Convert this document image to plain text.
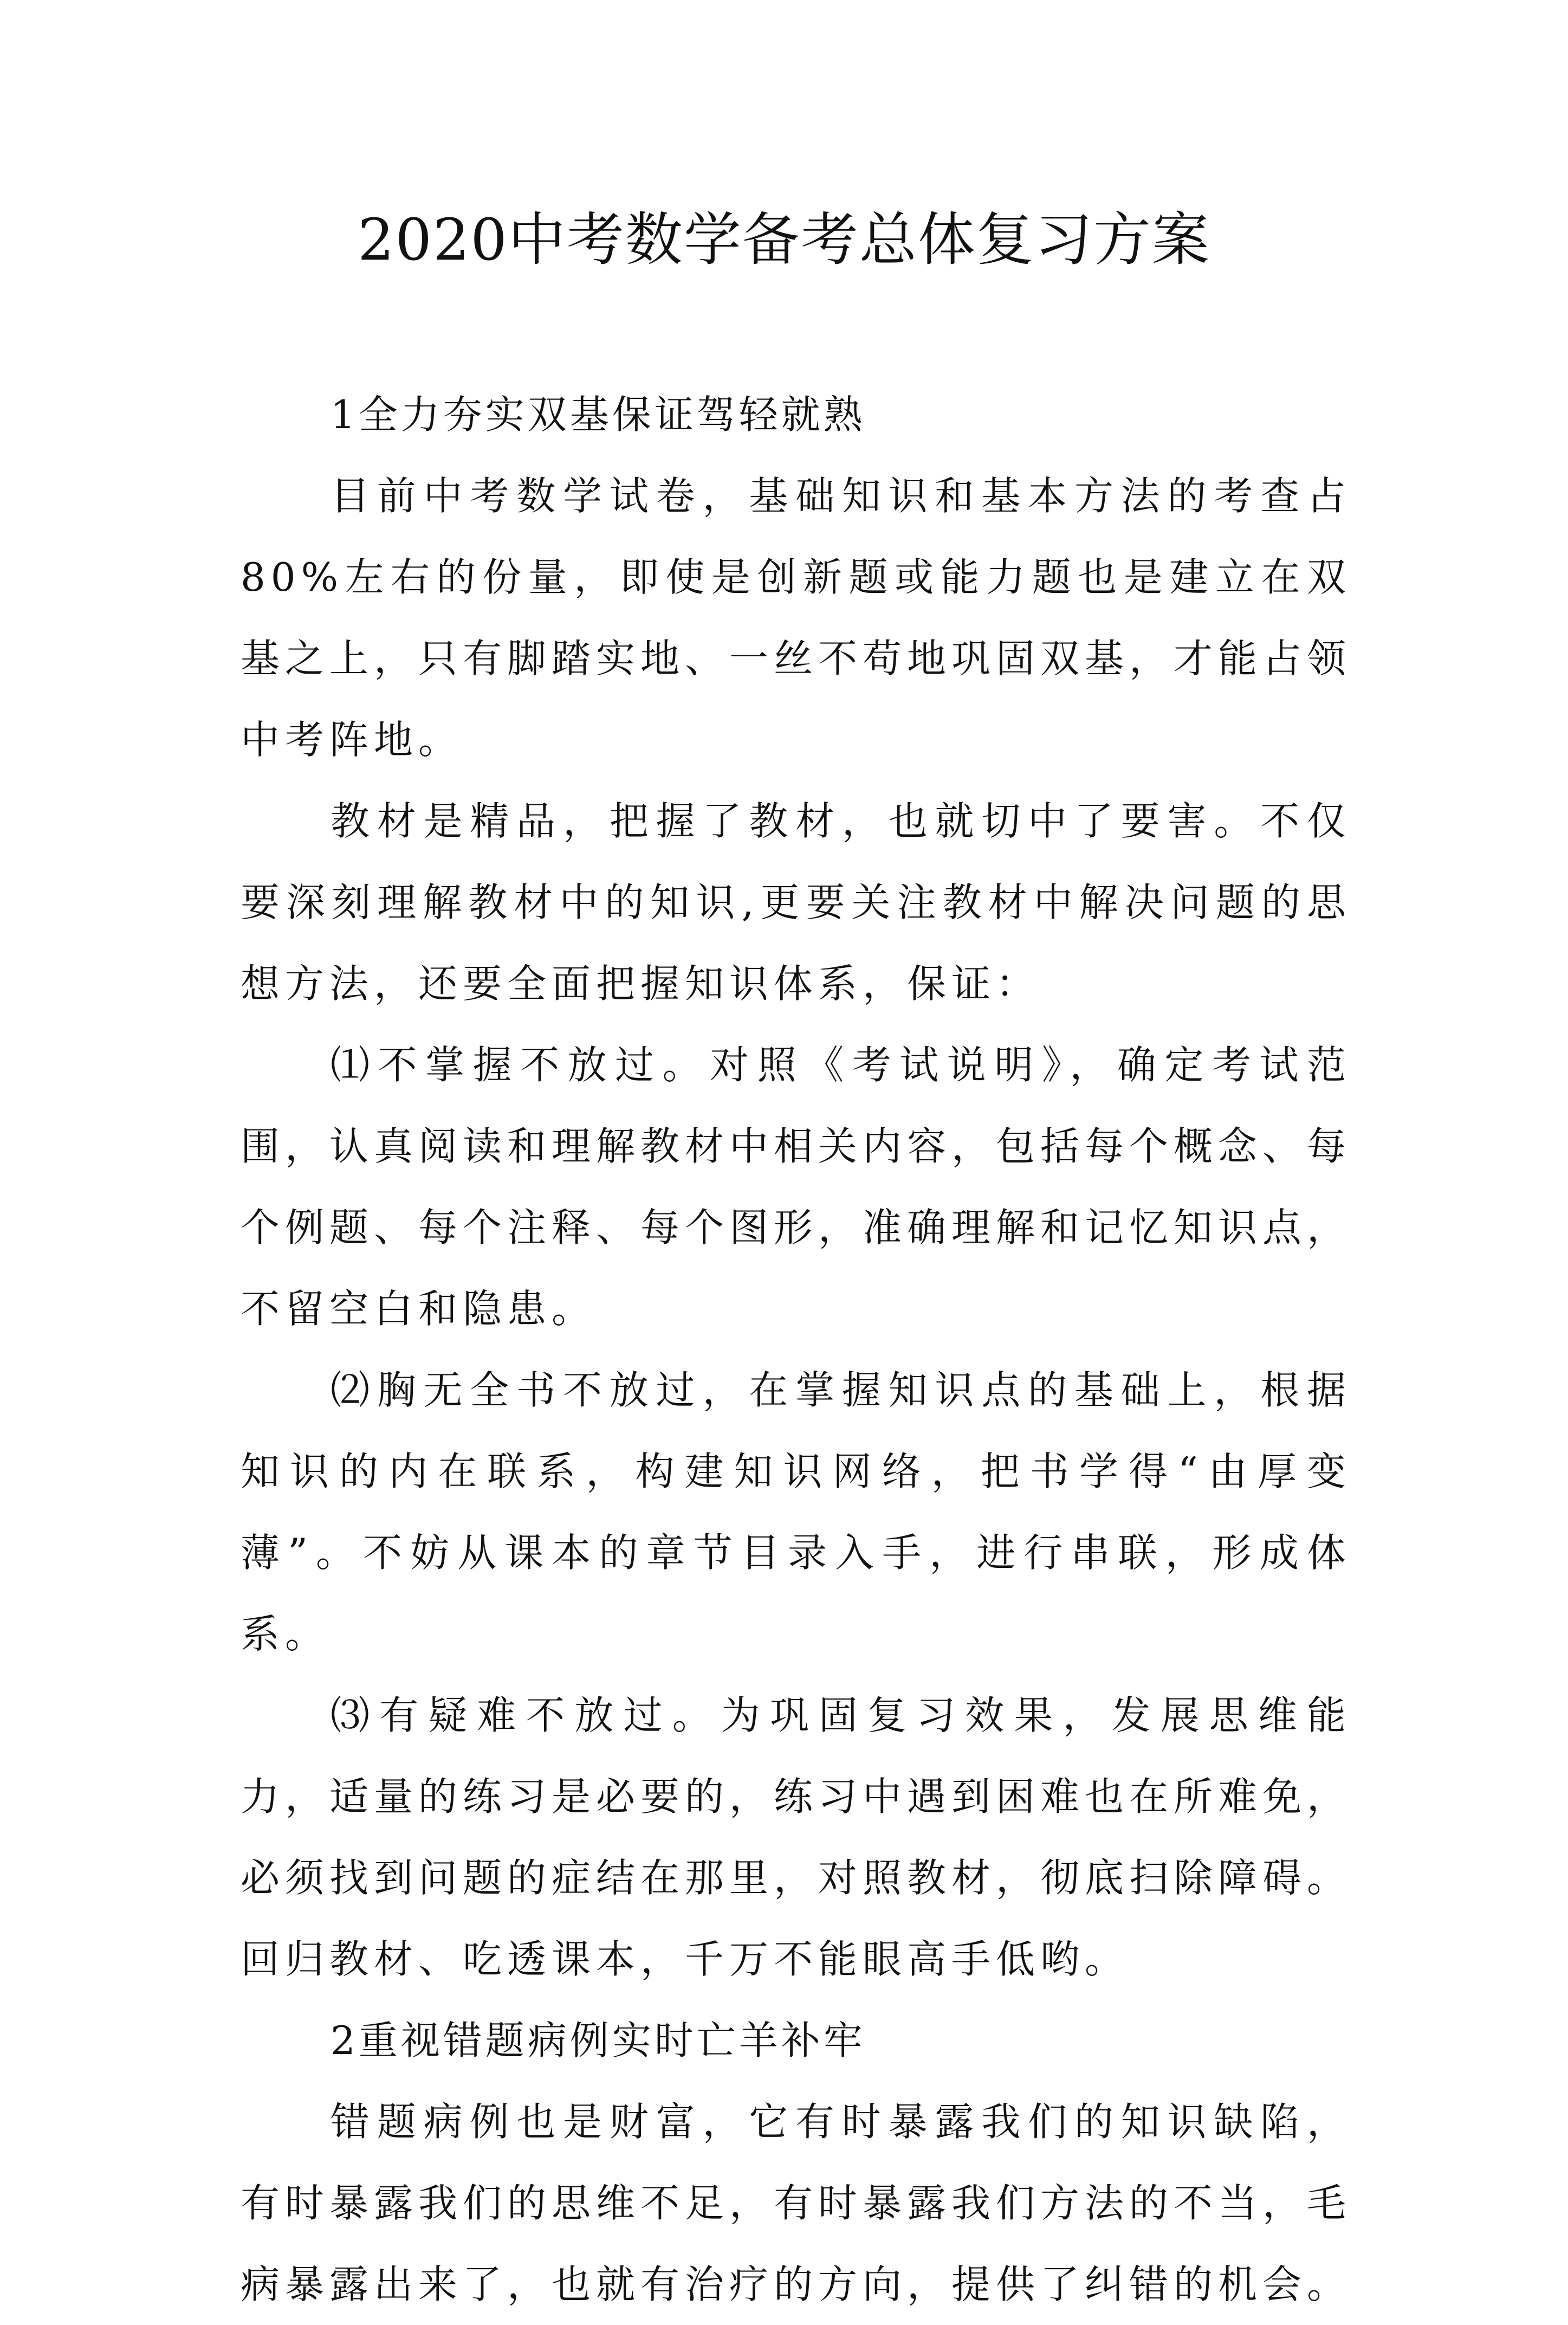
2020中考数学备考总体复习方案

1全力夯实双基保证驾轻就熟

目前中考数学试卷，基础知识和基本方法的考查占80%左右的份量，即使是创新题或能力题也是建立在双基之上，只有脚踏实地、一丝不苟地巩固双基，才能占领中考阵地。

教材是精品，把握了教材，也就切中了要害。不仅要深刻理解教材中的知识,更要关注教材中解决问题的思想方法，还要全面把握知识体系，保证：

⑴不掌握不放过。对照《考试说明》，确定考试范围，认真阅读和理解教材中相关内容，包括每个概念、每个例题、每个注释、每个图形，准确理解和记忆知识点，不留空白和隐患。

⑵胸无全书不放过，在掌握知识点的基础上，根据知识的内在联系，构建知识网络，把书学得“由厚变薄”。不妨从课本的章节目录入手，进行串联，形成体系。

⑶有疑难不放过。为巩固复习效果，发展思维能力，适量的练习是必要的，练习中遇到困难也在所难免，必须找到问题的症结在那里，对照教材，彻底扫除障碍。回归教材、吃透课本，千万不能眼高手低哟。

2重视错题病例实时亡羊补牢

错题病例也是财富，它有时暴露我们的知识缺陷，有时暴露我们的思维不足，有时暴露我们方法的不当，毛病暴露出来了，也就有治疗的方向，提供了纠错的机会。
